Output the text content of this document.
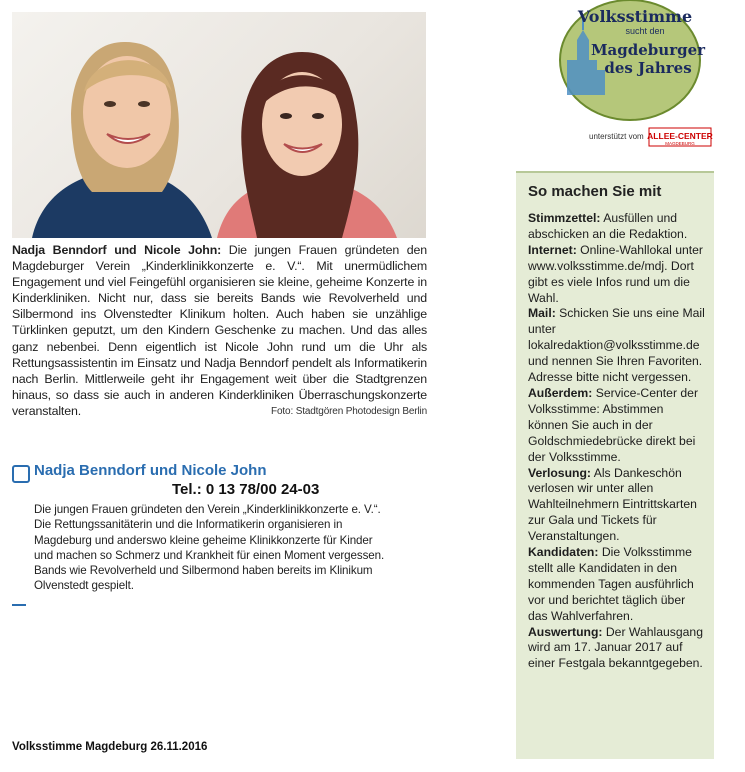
Nadja Benndorf und Nicole John: Die jungen Frauen gründeten den Magdeburger Verein „Kinderklinikkonzerte e. V.“. Mit unermüdlichem Engagement und viel Feingefühl organisieren sie kleine, geheime Konzerte in Kinderkliniken. Nicht nur, dass sie bereits Bands wie Revolverheld und Silbermond ins Olvenstedter Klinikum holten. Auch haben sie unzählige Türklinken geputzt, um den Kindern Geschenke zu machen. Und das alles ganz nebenbei. Denn eigentlich ist Nicole John rund um die Uhr als Rettungsassistentin im Einsatz und Nadja Benndorf pendelt als Informatikerin nach Berlin. Mittlerweile geht ihr Engagement weit über die Stadtgrenzen hinaus, so dass sie auch in anderen Kinderkliniken Überraschungskonzerte veranstalten.	Foto: Stadtgören Photodesign Berlin
Nadja Benndorf und Nicole John
Tel.: 0 13 78/00 24-03
Die jungen Frauen gründeten den Verein „Kinderklinikkonzerte e. V.“. Die Rettungssanitäterin und die Informatikerin organisieren in Magdeburg und anderswo kleine geheime Klinikkonzerte für Kinder und machen so Schmerz und Krankheit für einen Moment vergessen. Bands wie Revolverheld und Silbermond haben bereits im Klinikum Olvenstedt gespielt.
Volksstimme Magdeburg 26.11.2016
Volksstimme
sucht den
Magdeburger
des Jahres
unterstützt vom ALLEE-CENTER
MAGDEBURG
So machen Sie mit

Stimmzettel: Ausfüllen und abschicken an die Redaktion.

Internet: Online-Wahllokal unter www.volksstimme.de/mdj. Dort gibt es viele Infos rund um die Wahl.

Mail: Schicken Sie uns eine Mail unter lokalredaktion@volksstimme.de und nennen Sie Ihren Favoriten. Adresse bitte nicht vergessen.

Außerdem: Service-Center der Volksstimme: Abstimmen können Sie auch in der Goldschmiedebrücke direkt bei der Volksstimme.

Verlosung: Als Dankeschön verlosen wir unter allen Wahlteilnehmern Eintrittskarten zur Gala und Tickets für Veranstaltungen.

Kandidaten: Die Volksstimme stellt alle Kandidaten in den kommenden Tagen ausführlich vor und berichtet täglich über das Wahlverfahren.

Auswertung: Der Wahlausgang wird am 17. Januar 2017 auf einer Festgala bekanntgegeben.
